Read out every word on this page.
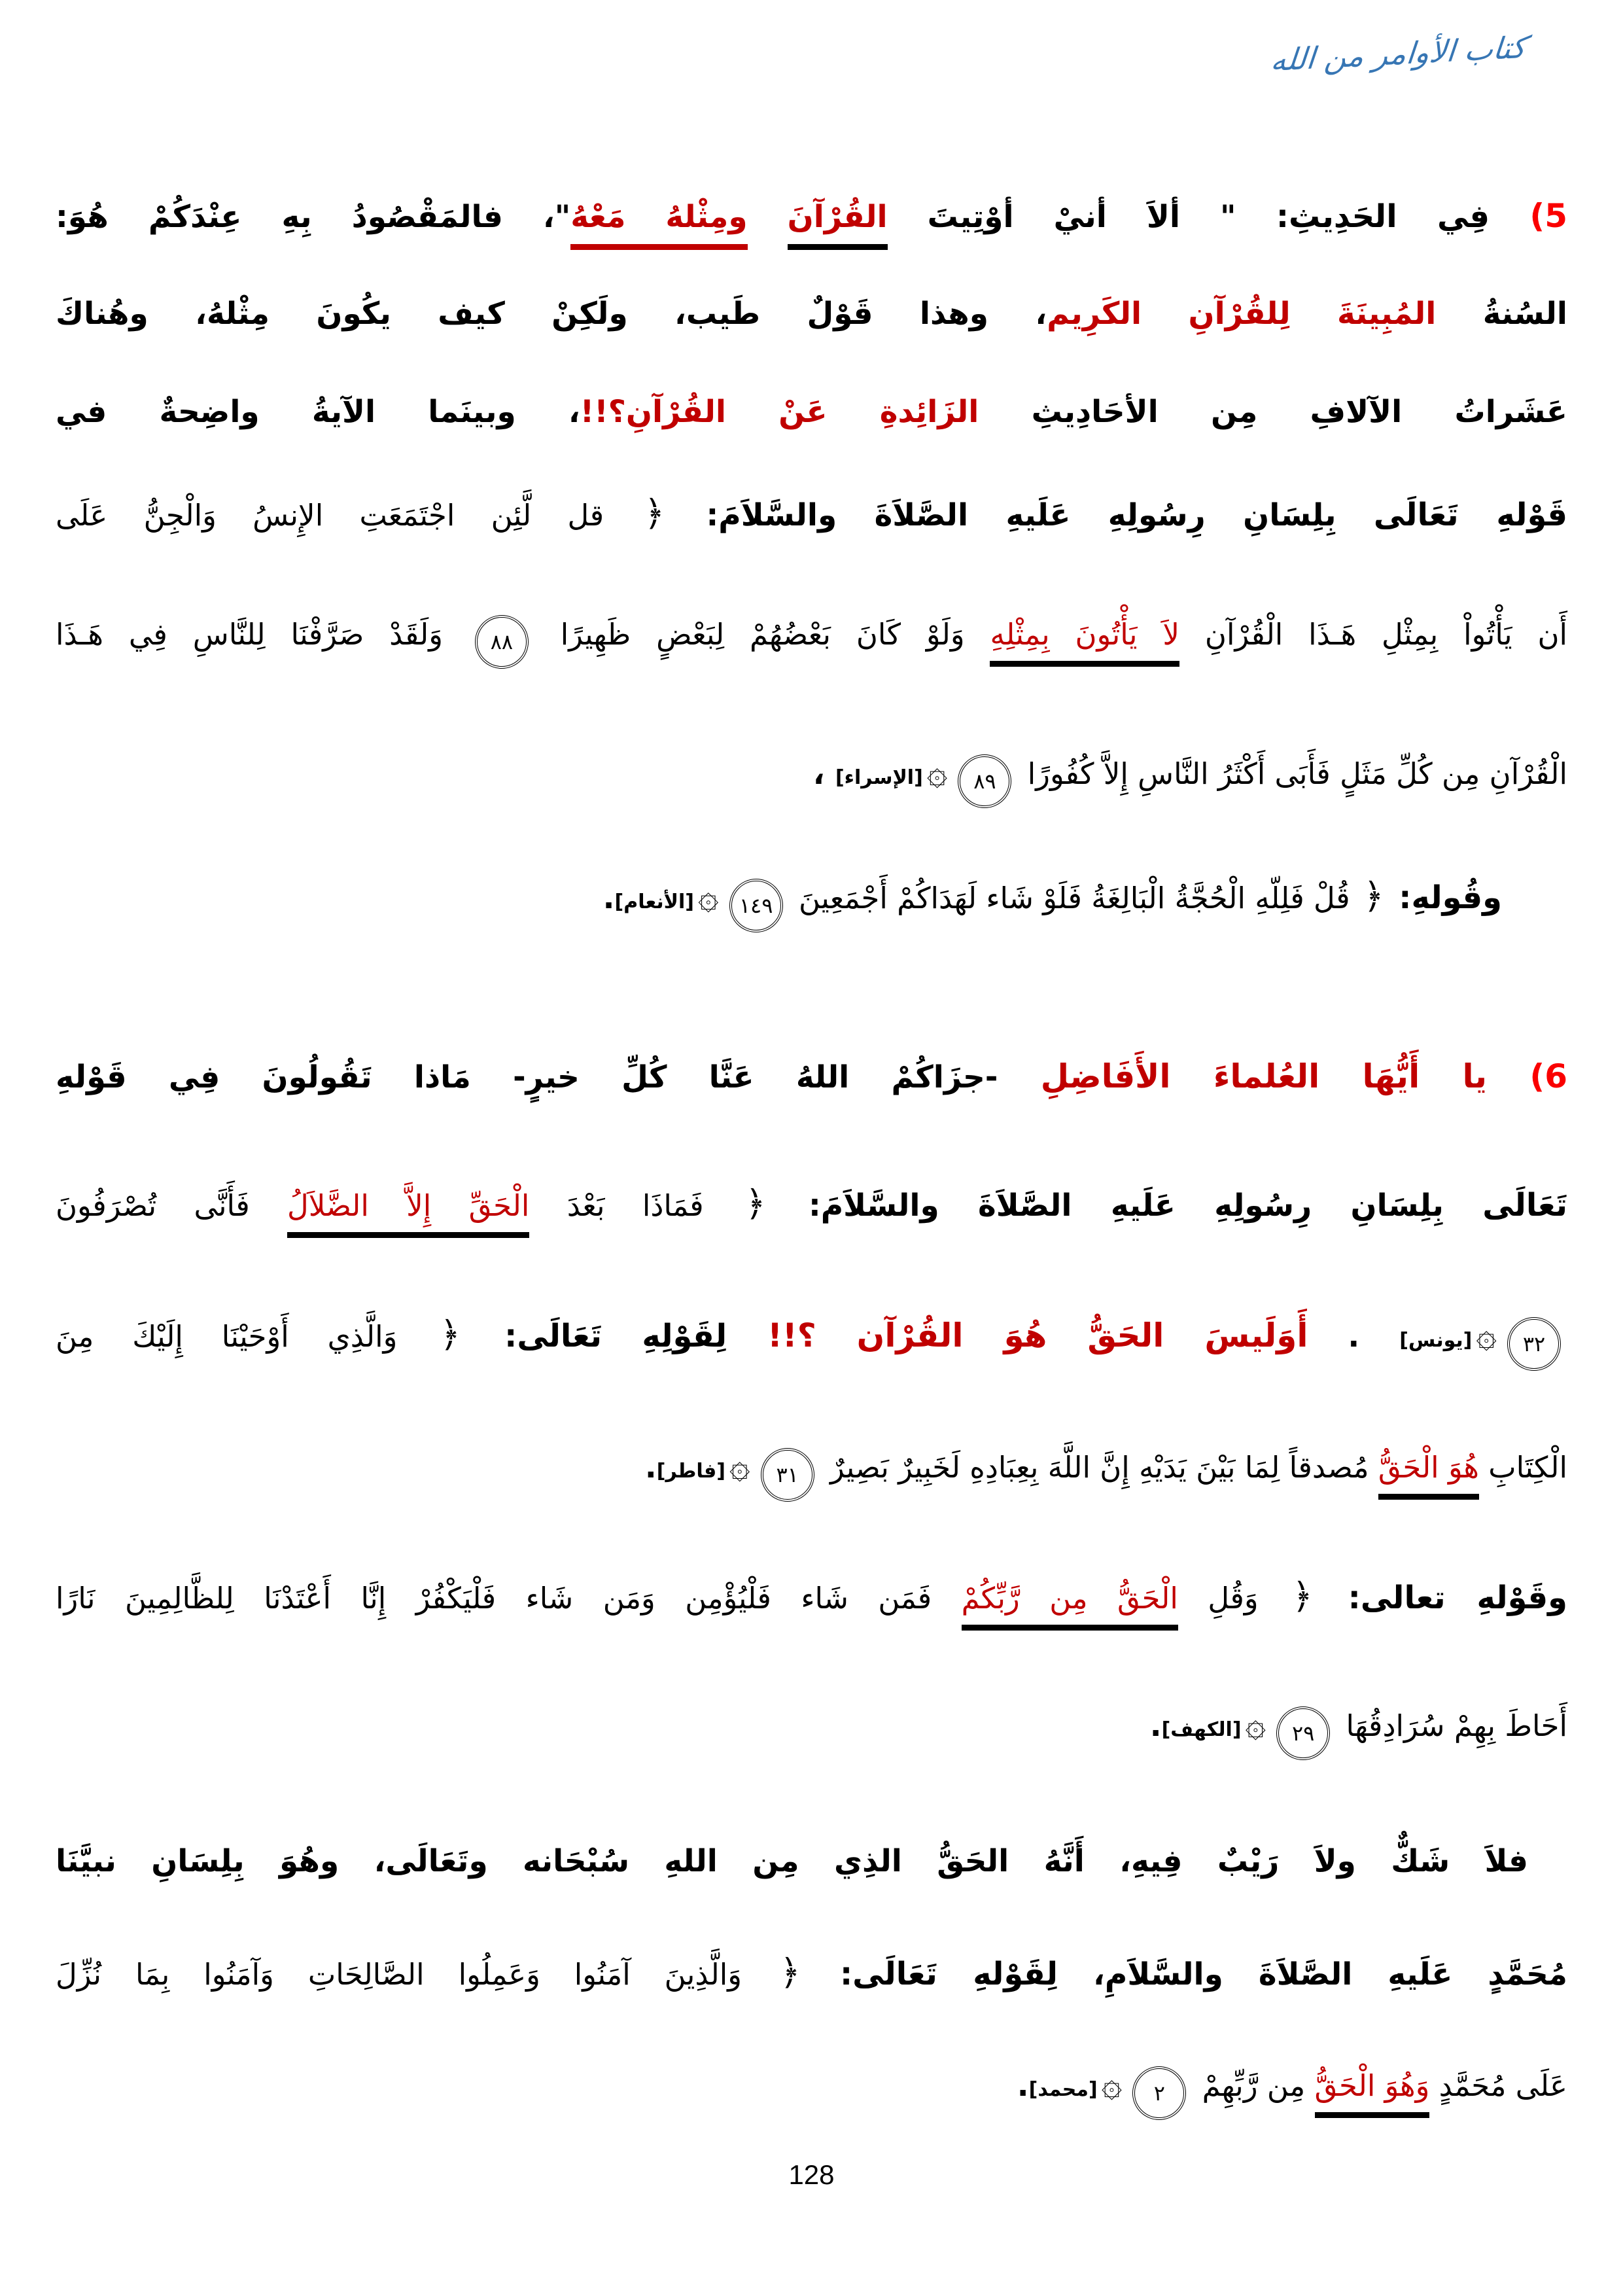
كتاب الأوامر من الله
5) فِي الحَدِيثِ: " ألاَ أنيْ أوْتِيتَ القُرْآنَ ومِثْلهُ مَعْهُ"، فالمَقْصُودُ بِهِ عِنْدَكُمْ هُوَ:
السُنةُ المُبِينَةَ لِلقُرْآنِ الكَرِيم، وهذا قَوْلٌ طَيب، ولَكِنْ كيف يكُونَ مِثْلهُ، وهُناكَ
عَشَراتُ الآلافِ مِن الأحَادِيثِ الزَائِدةِ عَنْ القُرْآنِ؟!!، وبينَما الآيةُ واضِحةٌ في
قَوْلهِ تَعَالَى بِلِسَانِ رِسُولِهِ عَلَيهِ الصَّلاَةَ والسَّلاَمَ: ﴿ قل لَّئِن اجْتَمَعَتِ الإِنسُ وَالْجِنُّ عَلَى
أَن يَأْتُواْ بِمِثْلِ هَـذَا الْقُرْآنِ لاَ يَأْتُونَ بِمِثْلِهِ وَلَوْ كَانَ بَعْضُهُمْ لِبَعْضٍ ظَهِيرًا ٨٨ وَلَقَدْ صَرَّفْنَا لِلنَّاسِ فِي هَـذَا
الْقُرْآنِ مِن كُلِّ مَثَلٍ فَأَبَى أَكْثَرُ النَّاسِ إِلاَّ كُفُورًا ٨٩۞[الإسراء] ،
وقُولهِ: ﴿ قُلْ فَلِلّهِ الْحُجَّةُ الْبَالِغَةُ فَلَوْ شَاء لَهَدَاكُمْ أَجْمَعِينَ ١٤٩۞[الأنعام].
6) يا أَيُّهَا العُلماءَ الأَفَاضِلِ -جزَاكُمْ اللهُ عَنَّا كُلِّ خيرٍ- مَاذا تَقُولُونَ فِي قَوْلهِ
تَعَالَى بِلِسَانِ رِسُولِهِ عَلَيهِ الصَّلاَةَ والسَّلاَمَ: ﴿ فَمَاذَا بَعْدَ الْحَقِّ إِلاَّ الضَّلاَلُ فَأَنَّى تُصْرَفُونَ
٣٢۞[يونس] . أَوَلَيسَ الحَقُّ هُوَ القُرْآن ؟!! لِقَوْلِهِ تَعَالَى: ﴿ وَالَّذِي أَوْحَيْنَا إِلَيْكَ مِنَ
الْكِتَابِ هُوَ الْحَقُّ مُصدقاً لِمَا بَيْنَ يَدَيْهِ إِنَّ اللَّهَ بِعِبَادِهِ لَخَبِيرٌ بَصِيرٌ ٣١۞[فاطر].
وقَوْلهِ تعالى: ﴿ وَقُلِ الْحَقُّ مِن رَّبِّكُمْ فَمَن شَاء فَلْيُؤْمِن وَمَن شَاء فَلْيَكْفُرْ إِنَّا أَعْتَدْنَا لِلظَّالِمِينَ نَارًا
أَحَاطَ بِهِمْ سُرَادِقُهَا ٢٩۞[الكهف].
فلاَ شَكٌّ ولاَ رَيْبٌ فِيهِ، أَنَّهُ الحَقُّ الذِي مِن اللهِ سُبْحَانه وتَعَالَى، وهُوَ بِلِسَانِ نبيَّنَا
مُحَمَّدٍ عَلَيهِ الصَّلاَةَ والسَّلاَمِ، لِقَوْلهِ تَعَالَى: ﴿ وَالَّذِينَ آمَنُوا وَعَمِلُوا الصَّالِحَاتِ وَآمَنُوا بِمَا نُزِّلَ
عَلَى مُحَمَّدٍ وَهُوَ الْحَقُّ مِن رَّبِّهِمْ ٢۞[محمد].
128
